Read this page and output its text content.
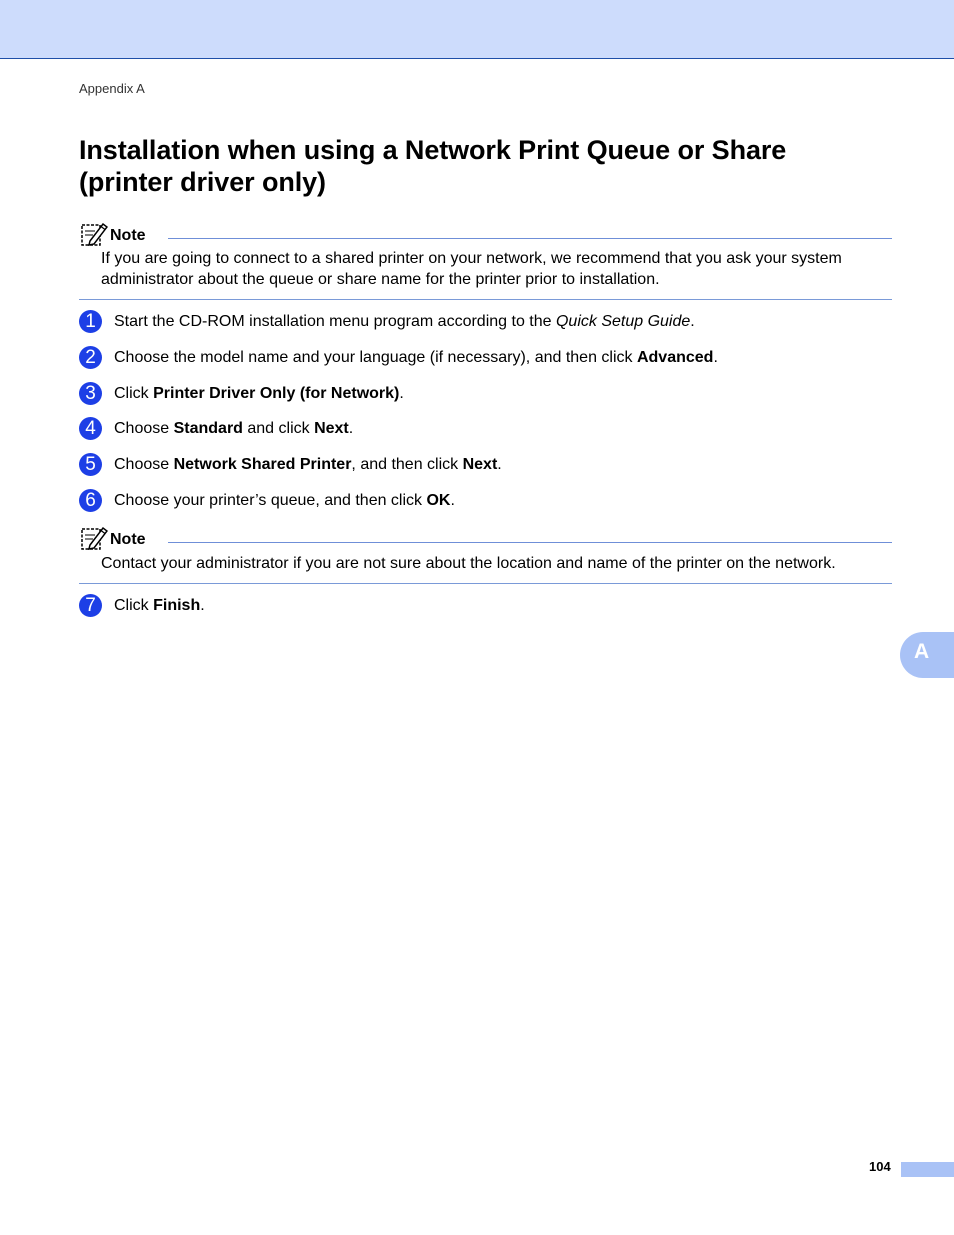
Appendix A
Installation when using a Network Print Queue or Share (printer driver only)
Note
If you are going to connect to a shared printer on your network, we recommend that you ask your system administrator about the queue or share name for the printer prior to installation.
1	Start the CD-ROM installation menu program according to the Quick Setup Guide.
2	Choose the model name and your language (if necessary), and then click Advanced.
3	Click Printer Driver Only (for Network).
4	Choose Standard and click Next.
5	Choose Network Shared Printer, and then click Next.
6	Choose your printer’s queue, and then click OK.
Note
Contact your administrator if you are not sure about the location and name of the printer on the network.
7	Click Finish.
A
104
